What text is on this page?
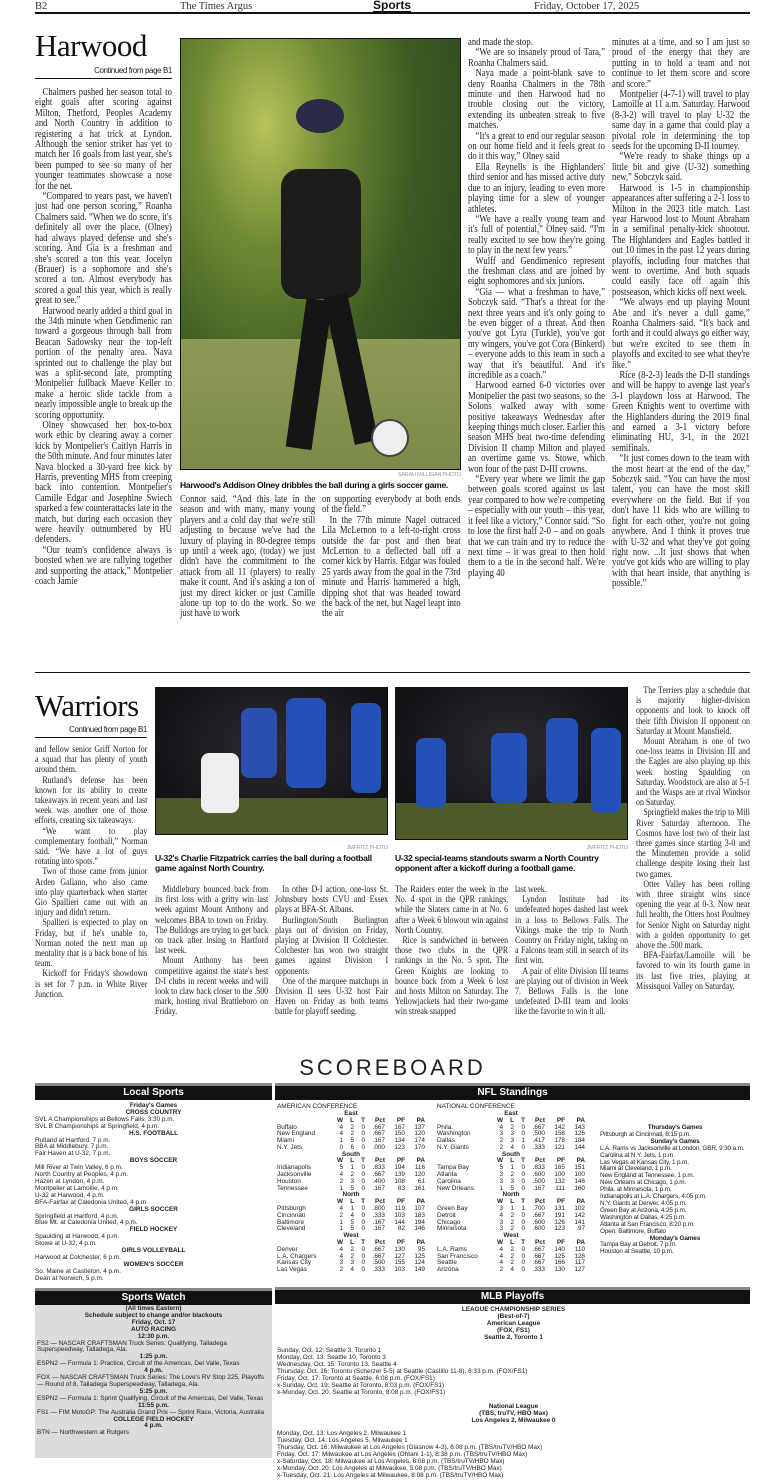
B2	The Times Argus	Sports	Friday, October 17, 2025
Harwood
Continued from page B1

Chalmers pushed her season total to eight goals after scoring against Milton, Thetford, Peoples Academy and North Country in addition to registering a hat trick at Lyndon. Although the senior striker has yet to match her 16 goals from last year, she's been pumped to see so many of her younger teammates showcase a nose for the net.

“Compared to years past, we haven't just had one person scoring,” Roanha Chalmers said. “When we do score, it's definitely all over the place. (Olney) had always played defense and she's scoring. And Gia is a freshman and she's scored a ton this year. Jocelyn (Brauer) is a sophomore and she's scored a ton. Almost everybody has scored a goal this year, which is really great to see.”

Harwood nearly added a third goal in the 34th minute when Gendimenic ran toward a gorgeous through ball from Beacan Sadowsky near the top-left portion of the penalty area. Nava sprinted out to challenge the play but was a split-second late, prompting Montpelier fullback Maeve Keller to make a heroic slide tackle from a nearly impossible angle to break up the scoring opportunity.

Olney showcased her box-to-box work ethic by clearing away a corner kick by Montpelier's Caitlyn Harris in the 50th minute. And four minutes later Nava blocked a 30-yard free kick by Harris, preventing MHS from creeping back into contention. Montpelier's Camille Edgar and Josephine Swiech sparked a few counterattacks late in the match, but during each occasion they were heavily outnumbered by HU defenders.

“Our team's confidence always is boosted when we are rallying together and supporting the attack,” Montpelier coach Jamie

SARAH MILLIGAN PHOTO
Harwood's Addison Olney dribbles the ball during a girls soccer game.

Connor said. “And this late in the season and with many, many young players and a cold day that we're still adjusting to because we've had the luxury of playing in 80-degree temps up until a week ago, (today) we just didn't have the commitment to the attack from all 11 (players) to really make it count. And it's asking a ton of just my direct kicker or just Camille alone up top to do the work. So we just have to work

on supporting everybody at both ends of the field.”

In the 77th minute Nagel outraced Lila McLernon to a left-to-right cross outside the far post and then beat McLernon to a deflected ball off a corner kick by Harris. Edgar was fouled 25 yards away from the goal in the 73rd minute and Harris hammered a high, dipping shot that was headed toward the back of the net, but Nagel leapt into the air

and made the stop.

“We are so insanely proud of Tara,” Roanha Chalmers said.

Naya made a point-blank save to deny Roanha Chalmers in the 78th minute and then Harwood had no trouble closing out the victory, extending its unbeaten streak to five matches.

“It's a great to end our regular season on our home field and it feels great to do it this way,” Olney said

Ella Reynells is the Highlanders' third senior and has missed active duty due to an injury, leading to even more playing time for a slew of younger athletes.

“We have a really young team and it's full of potential,” Olney said. “I'm really excited to see how they're going to play in the next few years.”

Wulff and Gendimenico represent the freshman class and are joined by eight sophomores and six juniors.

“Gia — what a freshman to have,” Sobczyk said. “That's a threat for the next three years and it's only going to be even bigger of a threat. And then you've got Lyra (Turkle), you've got my wingers, you've got Cora (Binkerd) – everyone adds to this team in such a way that it's beautiful. And it's incredible as a coach.”

Harwood earned 6-0 victories over Montpelier the past two seasons, so the Solons walked away with some positive takeaways Wednesday after keeping things much closer. Earlier this season MHS beat two-time defending Division II champ Milton and played an overtime game vs. Stowe, which won four of the past D-III crowns.

“Every year where we limit the gap between goals scored against us last year compared to how we're competing – especially with our youth – this year, it feel like a victory,” Connor said. “So to lose the first half 2-0 – and on goals that we can train and try to reduce the next time – it was great to then hold them to a tie in the second half. We're playing 40

minutes at a time, and so I am just so proud of the energy that they are putting in to hold a team and not continue to let them score and score and score.”

Montpelier (4-7-1) will travel to play Lamoille at 11 a.m. Saturday. Harwood (8-3-2) will travel to play U-32 the same day in a game that could play a pivotal role in determining the top seeds for the upcoming D-II tourney.

“We're ready to shake things up a little bit and give (U-32) something new,” Sobczyk said.

Harwood is 1-5 in championship appearances after suffering a 2-1 loss to Milton in the 2023 title match. Last year Harwood lost to Mount Abraham in a semifinal penalty-kick shootout. The Highlanders and Eagles battled it out 10 times in the past 12 years during playoffs, including four matches that went to overtime. And both squads could easily face off again this postseason, which kicks off next week.

“We always end up playing Mount Abe and it's never a dull game,” Roanha Chalmers said. “It's back and forth and it could always go either way, but we're excited to see them in playoffs and excited to see what they're like.”

Rice (8-2-3) leads the D-II standings and will be happy to avenge last year's 3-1 playdown loss at Harwood. The Green Knights went to overtime with the Highlanders during the 2019 final and earned a 3-1 victory before eliminating HU, 3-1, in the 2021 semifinals.

“It just comes down to the team with the most heart at the end of the day,” Sobczyk said. “You can have the most talent, you can have the most skill everywhere on the field. But if you don't have 11 kids who are willing to fight for each other, you're not going anywhere. And I think it proves true with U-32 and what they've got going right now. ...It just shows that when you've got kids who are willing to play with that heart inside, that anything is possible.”

Warriors
Continued from page B1

and fellow senior Griff Norton for a squad that has plenty of youth around them.

Rutland's defense has been known for its ability to create takeaways in recent years and last week was another one of those efforts, creating six takeaways.

“We want to play complementary football,” Norman said. “We have a lot of guys rotating into spots.”

Two of those came from junior Arden Galiano, who also came into play quarterback when starter Gio Spallieri came out with an injury and didn't return.

Spallieri is expected to play on Friday, but if he's unable to, Norman noted the next man up mentality that is a back bone of his team.

Kickoff for Friday's showdown is set for 7 p.m. in White River Junction.

JMFRITZ PHOTO
U-32's Charlie Fitzpatrick carries the ball during a football game against North Country.
JMFRITZ PHOTO
U-32 special-teams standouts swarm a North Country opponent after a kickoff during a football game.

Middlebury bounced back from its first loss with a gritty win last week against Mount Anthony and welcomes BBA to town on Friday. The Bulldogs are trying to get back on track after losing to Hartford last week.

Mount Anthony has been competitive against the state's best D-I clubs in recent weeks and will look to claw back closer to the .500 mark, hosting rival Brattleboro on Friday.

In other D-I action, one-loss St. Johnsbury hosts CVU and Essex plays at BFA-St. Albans.

Burlington/South Burlington plays out of division on Friday, playing at Division II Colchester. Colchester has won two straight games against Division I opponents.

One of the marquee matchups in Division II sees U-32 host Fair Haven on Friday as both teams battle for playoff seeding.

The Raiders enter the week in the No. 4 spot in the QPR rankings, while the Slaters came in at No. 6 after a Week 6 blowout win against North Country.

Rice is sandwiched in between those two clubs in the QPR rankings in the No. 5 spot. The Green Knights are looking to bounce back from a Week 6 lost and hosts Milton on Saturday. The Yellowjackets had their two-game win streak snapped

last week.

Lyndon Institute had its undefeated hopes dashed last week in a loss to Bellows Falls. The Vikings make the trip to North Country on Friday night, taking on a Falcons team still in search of its first win.

A pair of elite Division III teams are playing out of division in Week 7. Bellows Falls is the lone undefeated D-III team and looks like the favorite to win it all.

The Terriers play a schedule that is majority higher-division opponents and look to knock off their fifth Division II opponent on Saturday at Mount Mansfield.

Mount Abraham is one of two one-loss teams in Division III and the Eagles are also playing up this week hosting Spaulding on Saturday. Woodstock are also at 5-1 and the Wasps are at rival Windsor on Saturday.

Springfield makes the trip to Mill River Saturday afternoon. The Cosmos have lost two of their last three games since starting 3-0 and the Minutemen provide a solid challenge despite losing their last two games.

Otter Valley has been rolling with three straight wins since opening the year at 0-3. Now near full health, the Otters host Poultney for Senior Night on Saturday night with a golden opportunity to get above the .500 mark.

BFA-Fairfax/Lamoille will be favored to win its fourth game in its last five tries, playing at Missisquoi Valley on Saturday.

SCOREBOARD
Local Sports
Friday's Games
CROSS COUNTRY
SVL A Championships at Bellows Falls, 3:30 p.m.
SVL B Championships at Springfield, 4 p.m.
H.S. FOOTBALL
Rutland at Hartford, 7 p.m.
BBA at Middlebury, 7 p.m.
Fair Haven at U-32, 7 p.m.
BOYS SOCCER
Mill River at Twin Valley, 6 p.m.
North Country at Peoples, 4 p.m.
Hazen at Lyndon, 4 p.m.
Montpelier at Lamoille, 4 p.m.
U-32 at Harwood, 4 p.m.
BFA-Fairfax at Caledonia United, 4 p.m.
GIRLS SOCCER
Springfield at Hartford, 4 p.m.
Blue Mt. at Caledonia United, 4 p.m.
FIELD HOCKEY
Spaulding at Harwood, 4 p.m.
Stowe at U-32, 4 p.m.
GIRLS VOLLEYBALL
Harwood at Colchester, 6 p.m.
WOMEN'S SOCCER
So. Maine at Castleton, 4 p.m.
Dean at Norwich, 5 p.m.
Sports Watch
(All times Eastern)
Schedule subject to change and/or blackouts
Friday, Oct. 17
AUTO RACING
12:30 p.m.
FS2 — NASCAR CRAFTSMAN Truck Series: Qualifying, Talladega Superspeedway, Talladega, Ala.
1:25 p.m.
ESPN2 — Formula 1: Practice, Circuit of the Americas, Del Valle, Texas
4 p.m.
FOX — NASCAR CRAFTSMAN Truck Series: The Love's RV Stop 225, Playoffs — Round of 8, Talladega Superspeedway, Talladega, Ala.
5:25 p.m.
ESPN2 — Formula 1: Sprint Qualifying, Circuit of the Americas, Del Valle, Texas
11:55 p.m.
FS1 — FIM MotoGP: The Australia Grand Prix — Sprint Race, Victoria, Australia
COLLEGE FIELD HOCKEY
4 p.m.
BTN — Northwestern at Rutgers
NFL Standings
AMERICAN CONFERENCE
East						
	W	L	T	Pct	PF	PA
Buffalo	4	2	0	.667	167	137
New England	4	2	0	.667	150	120
Miami	1	5	0	.167	134	174
N.Y. Jets	0	6	0	.000	123	170
South						
	W	L	T	Pct	PF	PA
Indianapolis	5	1	0	.833	194	116
Jacksonville	4	2	0	.667	139	120
Houston	2	3	0	.400	108	61
Tennessee	1	5	0	.167	83	161
North						
	W	L	T	Pct	PF	PA
Pittsburgh	4	1	0	.800	119	107
Cincinnati	2	4	0	.333	103	183
Baltimore	1	5	0	.167	144	194
Cleveland	1	5	0	.167	82	146
West						
	W	L	T	Pct	PF	PA
Denver	4	2	0	.667	130	95
L.A. Chargers	4	2	0	.667	127	125
Kansas City	3	3	0	.500	155	124
Las Vegas	2	4	0	.333	103	149
NATIONAL CONFERENCE
East						
	W	L	T	Pct	PF	PA
Phila.	4	2	0	.667	142	143
Washington	3	3	0	.500	158	126
Dallas	2	3	1	.417	178	184
N.Y. Giants	2	4	0	.333	121	144
South						
	W	L	T	Pct	PF	PA
Tampa Bay	5	1	0	.833	165	151
Atlanta	3	2	0	.600	100	100
Carolina	3	3	0	.500	132	146
New Orleans	1	5	0	.167	111	160
North						
	W	L	T	Pct	PF	PA
Green Bay	3	1	1	.700	131	102
Detroit	4	2	0	.667	191	142
Chicago	3	2	0	.600	126	141
Minnesota	3	2	0	.600	123	97
West						
	W	L	T	Pct	PF	PA
L.A. Rams	4	2	0	.667	140	110
San Francisco	4	2	0	.667	125	128
Seattle	4	2	0	.667	166	117
Arizona	2	4	0	.333	130	127
Thursday's Games
Pittsburgh at Cincinnati, 8:15 p.m.
Sunday's Games
L.A. Rams vs Jacksonville at London, GBR, 9:30 a.m.
Carolina at N.Y. Jets, 1 p.m.
Las Vegas at Kansas City, 1 p.m.
Miami at Cleveland, 1 p.m.
New England at Tennessee, 1 p.m.
New Orleans at Chicago, 1 p.m.
Phila. at Minnesota, 1 p.m.
Indianapolis at L.A. Chargers, 4:05 p.m.
N.Y. Giants at Denver, 4:05 p.m.
Green Bay at Arizona, 4:25 p.m.
Washington at Dallas, 4:25 p.m.
Atlanta at San Francisco, 8:20 p.m.
Open: Baltimore, Buffalo
Monday's Games
Tampa Bay at Detroit, 7 p.m.
Houston at Seattle, 10 p.m.
MLB Playoffs
LEAGUE CHAMPIONSHIP SERIES
(Best-of-7)
American League
(FOX, FS1)
Seattle 2, Toronto 1

Sunday, Oct. 12: Seattle 3, Toronto 1
Monday, Oct. 13: Seattle 10, Toronto 3
Wednesday, Oct. 15: Toronto 13, Seattle 4
Thursday, Oct. 16: Toronto (Scherzer 5-5) at Seattle (Castillo 11-8), 8:33 p.m. (FOX/FS1)
Friday, Oct. 17: Toronto at Seattle, 6:08 p.m. (FOX/FS1)
x-Sunday, Oct. 19: Seattle at Toronto, 8:03 p.m. (FOX/FS1)
x-Monday, Oct. 20: Seattle at Toronto, 8:08 p.m. (FOX/FS1)

National League
(TBS, truTV, HBO Max)
Los Angeles 2, Milwaukee 0

Monday, Oct. 13: Los Angeles 2, Milwaukee 1
Tuesday, Oct. 14: Los Angeles 5, Milwaukee 1
Thursday, Oct. 16: Milwaukee at Los Angeles (Glasnow 4-3), 6:08 p.m. (TBS/truTV/HBO Max)
Friday, Oct. 17: Milwaukee at Los Angeles (Ohtani 1-1), 8:38 p.m. (TBS/truTV/HBO Max)
x-Saturday, Oct. 18: Milwaukee at Los Angeles, 8:08 p.m. (TBS/truTV/HBO Max)
x-Monday, Oct. 20: Los Angeles at Milwaukee, 5:08 p.m. (TBS/truTV/HBO Max)
x-Tuesday, Oct. 21: Los Angeles at Milwaukee, 8:08 p.m. (TBS/truTV/HBO Max)
